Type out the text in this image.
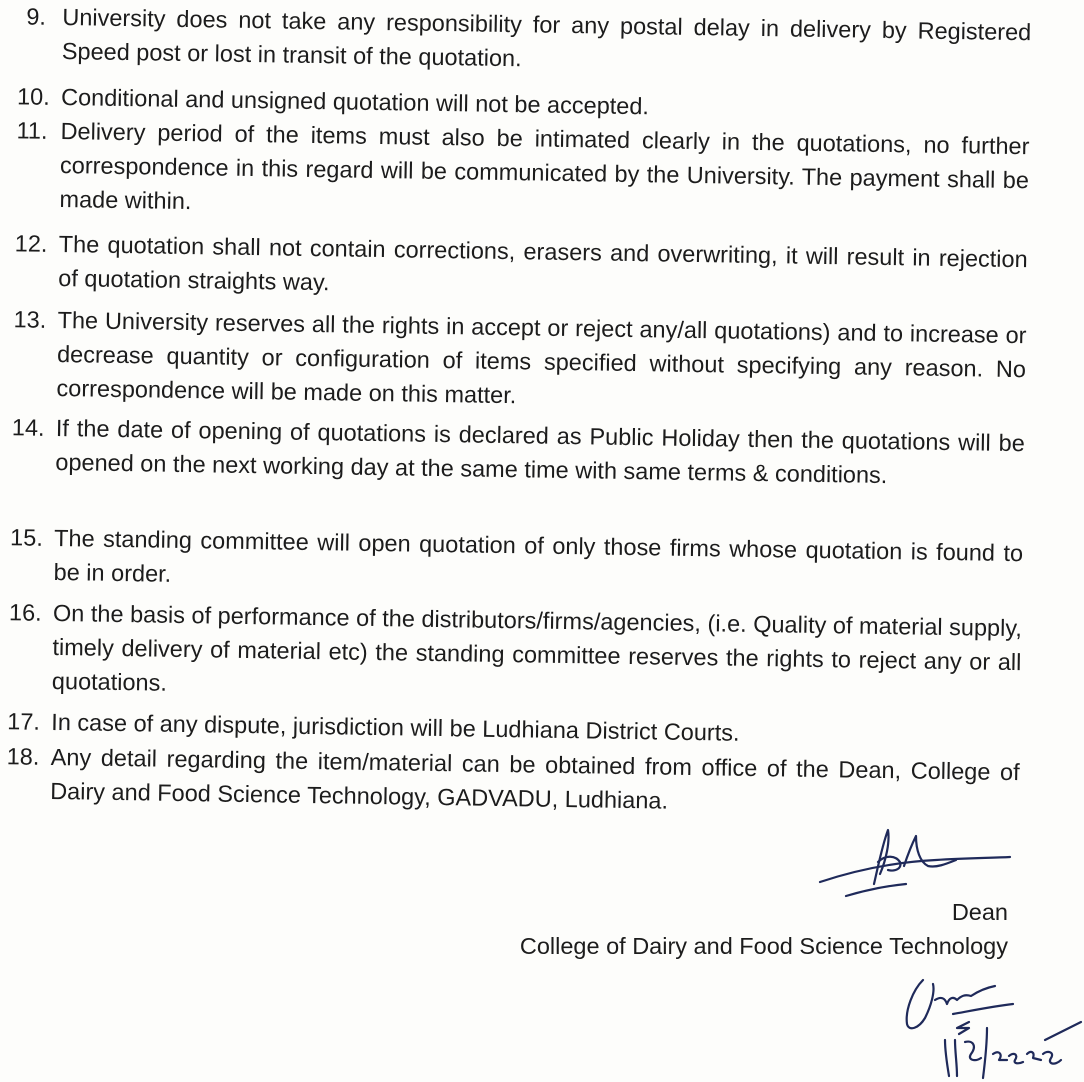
9. University does not take any responsibility for any postal delay in delivery by Registered Speed post or lost in transit of the quotation.
10. Conditional and unsigned quotation will not be accepted.
11. Delivery period of the items must also be intimated clearly in the quotations, no further correspondence in this regard will be communicated by the University. The payment shall be made within.
12. The quotation shall not contain corrections, erasers and overwriting, it will result in rejection of quotation straights way.
13. The University reserves all the rights in accept or reject any/all quotations) and to increase or decrease quantity or configuration of items specified without specifying any reason. No correspondence will be made on this matter.
14. If the date of opening of quotations is declared as Public Holiday then the quotations will be opened on the next working day at the same time with same terms & conditions.
15. The standing committee will open quotation of only those firms whose quotation is found to be in order.
16. On the basis of performance of the distributors/firms/agencies, (i.e. Quality of material supply, timely delivery of material etc) the standing committee reserves the rights to reject any or all quotations.
17. In case of any dispute, jurisdiction will be Ludhiana District Courts.
18. Any detail regarding the item/material can be obtained from office of the Dean, College of Dairy and Food Science Technology, GADVADU, Ludhiana.
Dean
College of Dairy and Food Science Technology
